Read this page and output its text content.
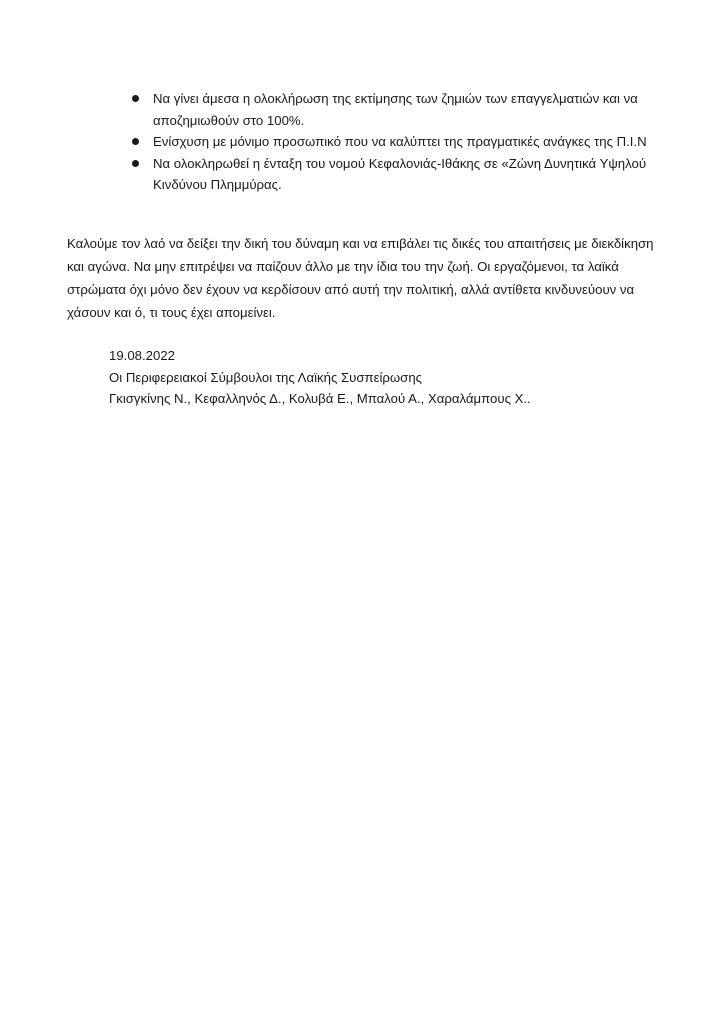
Να γίνει άμεσα η ολοκλήρωση της εκτίμησης των ζημιών των επαγγελματιών και να αποζημιωθούν στο 100%.
Ενίσχυση με μόνιμο προσωπικό που να καλύπτει της πραγματικές ανάγκες της Π.Ι.Ν
Να ολοκληρωθεί η ένταξη του νομού Κεφαλονιάς-Ιθάκης σε «Ζώνη Δυνητικά Υψηλού Κινδύνου Πλημμύρας.

Καλούμε τον λαό να δείξει την δική του δύναμη και να επιβάλει τις δικές του απαιτήσεις με διεκδίκηση και αγώνα. Να μην επιτρέψει να παίζουν άλλο με την ίδια του την ζωή. Οι εργαζόμενοι, τα λαϊκά στρώματα όχι μόνο δεν έχουν να κερδίσουν από αυτή την πολιτική, αλλά αντίθετα κινδυνεύουν να χάσουν και ό, τι τους έχει απομείνει.

19.08.2022
Οι Περιφερειακοί Σύμβουλοι της Λαϊκής Συσπείρωσης
Γκισγκίνης Ν., Κεφαλληνός Δ., Κολυβά Ε., Μπαλού Α., Χαραλάμπους Χ..
